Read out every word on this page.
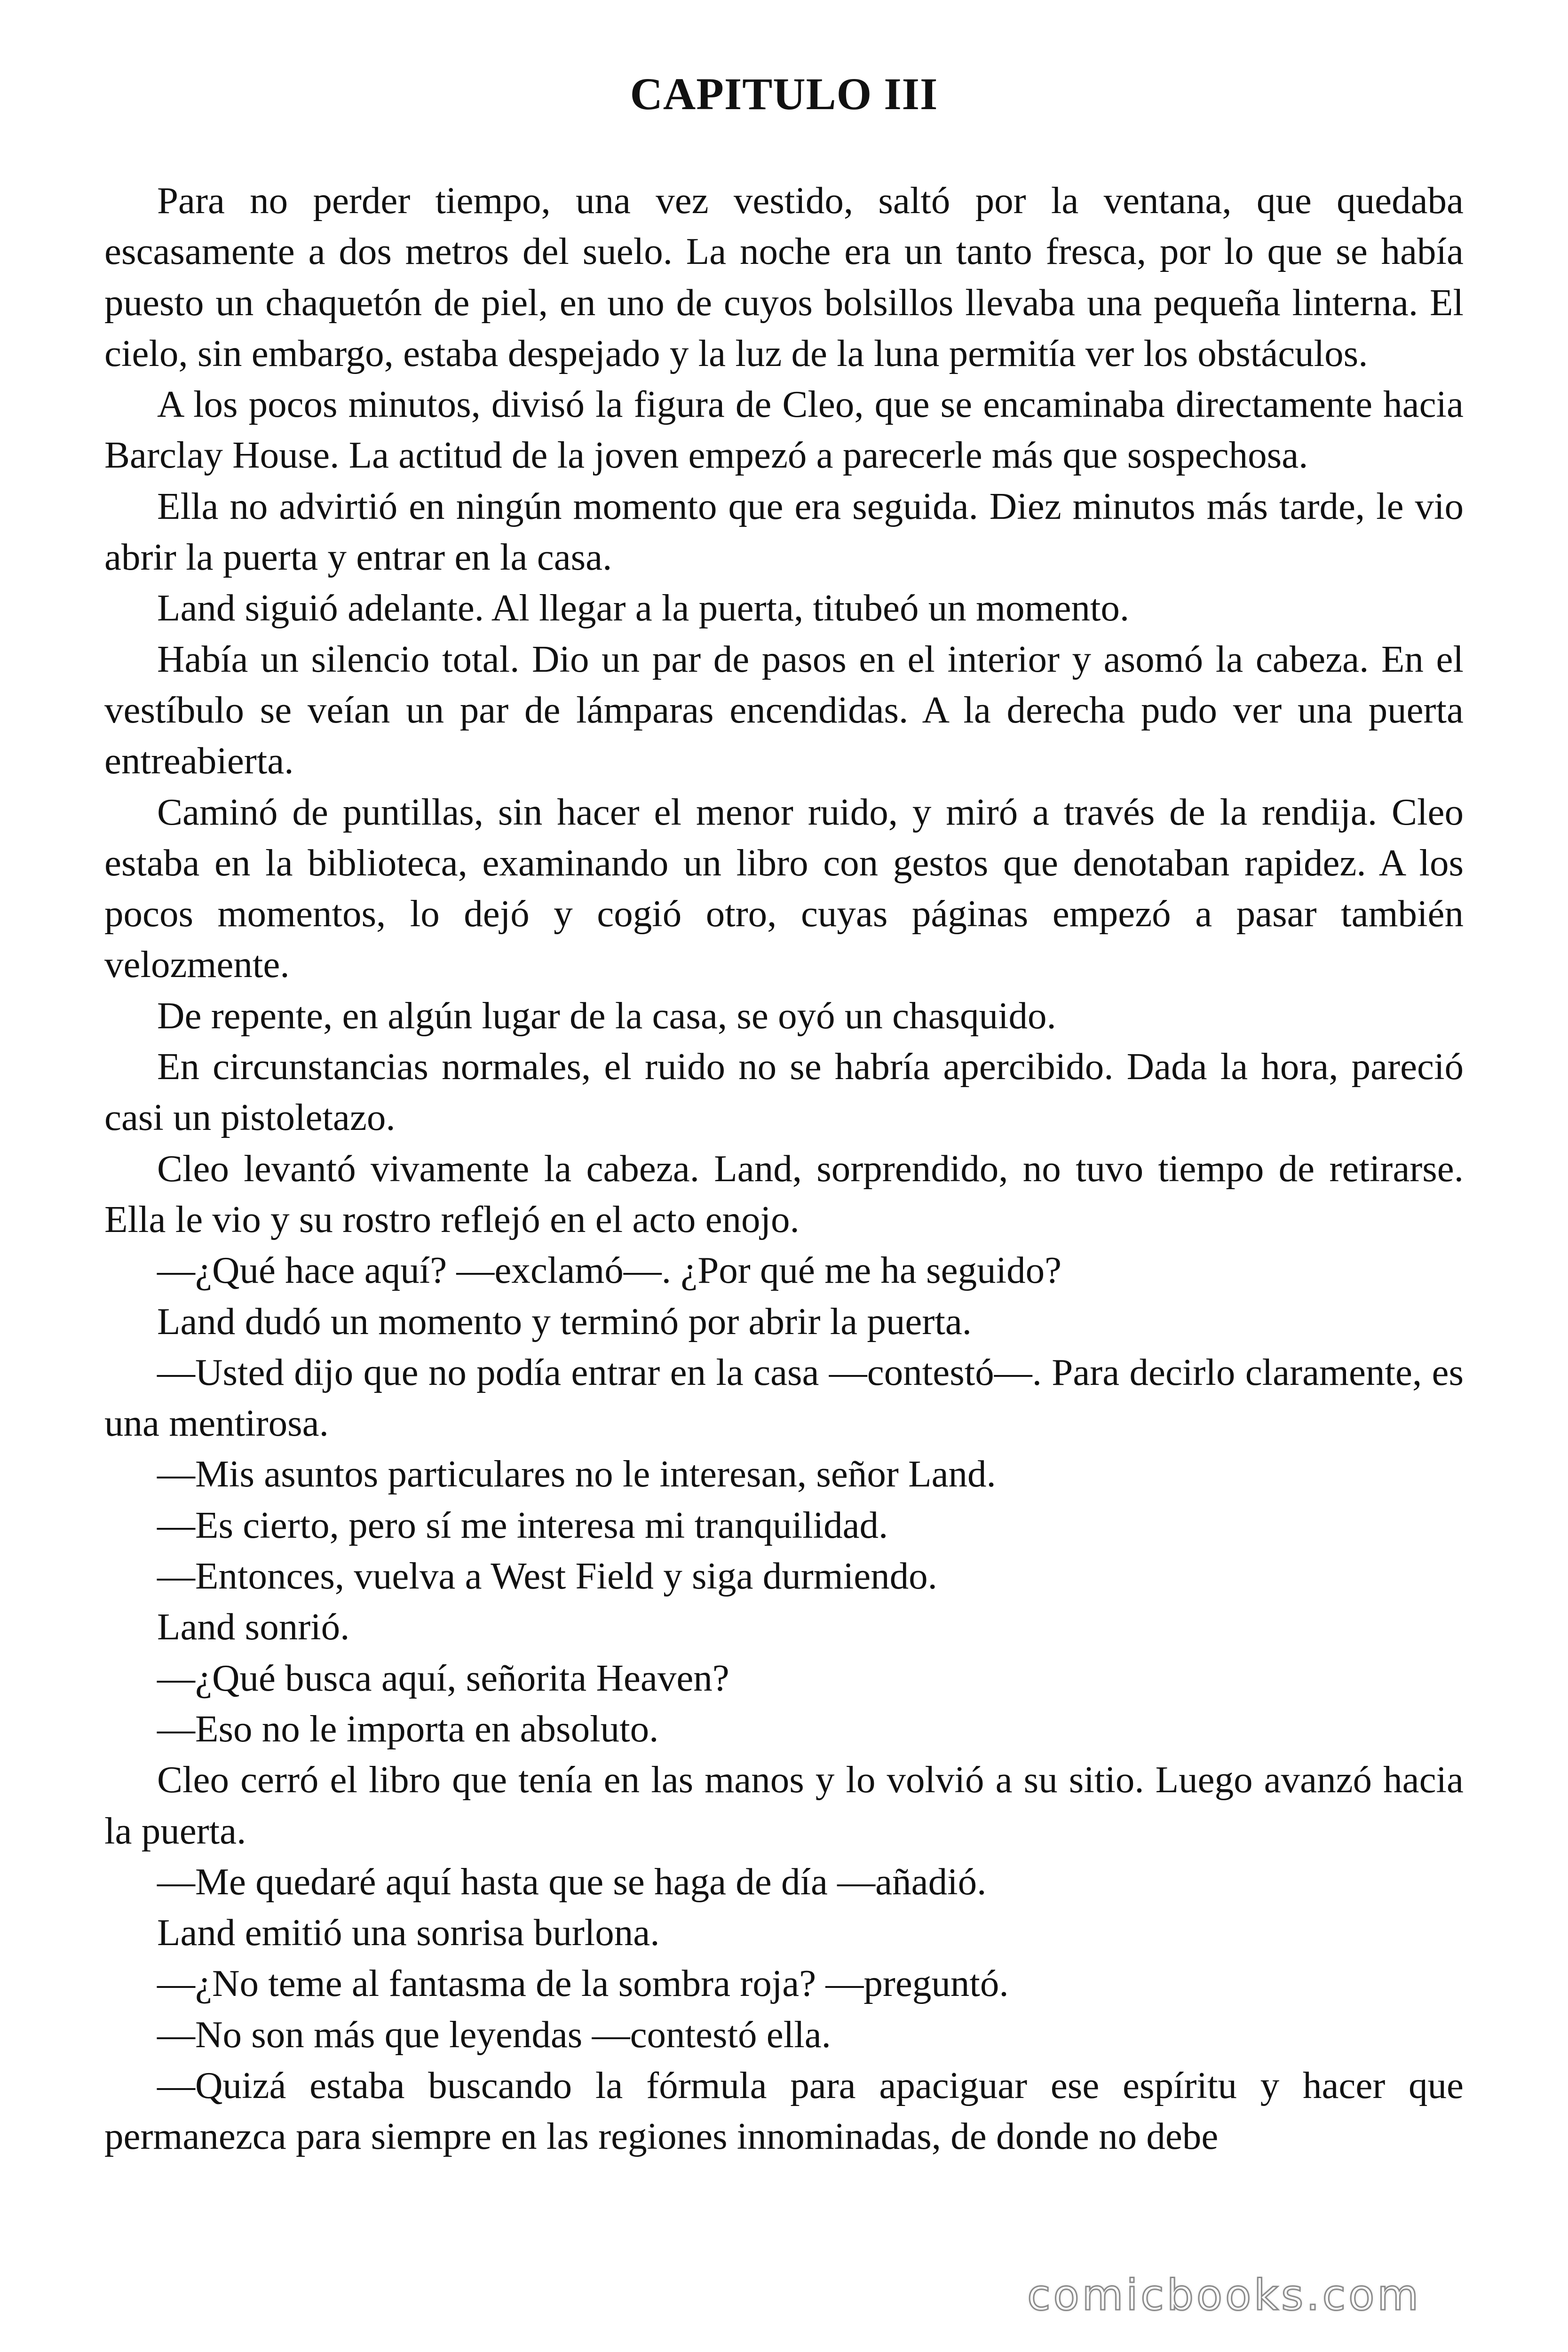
CAPITULO III

Para no perder tiempo, una vez vestido, saltó por la ventana, que quedaba escasamente a dos metros del suelo. La noche era un tanto fresca, por lo que se había puesto un chaquetón de piel, en uno de cuyos bolsillos llevaba una pequeña linterna. El cielo, sin embargo, estaba despejado y la luz de la luna permitía ver los obstáculos.

A los pocos minutos, divisó la figura de Cleo, que se encaminaba directamente hacia Barclay House. La actitud de la joven empezó a parecerle más que sospechosa.

Ella no advirtió en ningún momento que era seguida. Diez minutos más tarde, le vio abrir la puerta y entrar en la casa.

Land siguió adelante. Al llegar a la puerta, titubeó un momento.

Había un silencio total. Dio un par de pasos en el interior y asomó la cabeza. En el vestíbulo se veían un par de lámparas encendidas. A la derecha pudo ver una puerta entreabierta.

Caminó de puntillas, sin hacer el menor ruido, y miró a través de la rendija. Cleo estaba en la biblioteca, examinando un libro con gestos que denotaban rapidez. A los pocos momentos, lo dejó y cogió otro, cuyas páginas empezó a pasar también velozmente.

De repente, en algún lugar de la casa, se oyó un chasquido.

En circunstancias normales, el ruido no se habría apercibido. Dada la hora, pareció casi un pistoletazo.

Cleo levantó vivamente la cabeza. Land, sorprendido, no tuvo tiempo de retirarse. Ella le vio y su rostro reflejó en el acto enojo.

—¿Qué hace aquí? —exclamó—. ¿Por qué me ha seguido?

Land dudó un momento y terminó por abrir la puerta.

—Usted dijo que no podía entrar en la casa —contestó—. Para decirlo claramente, es una mentirosa.

—Mis asuntos particulares no le interesan, señor Land.

—Es cierto, pero sí me interesa mi tranquilidad.

—Entonces, vuelva a West Field y siga durmiendo.

Land sonrió.

—¿Qué busca aquí, señorita Heaven?

—Eso no le importa en absoluto.

Cleo cerró el libro que tenía en las manos y lo volvió a su sitio. Luego avanzó hacia la puerta.

—Me quedaré aquí hasta que se haga de día —añadió.

Land emitió una sonrisa burlona.

—¿No teme al fantasma de la sombra roja? —preguntó.

—No son más que leyendas —contestó ella.

—Quizá estaba buscando la fórmula para apaciguar ese espíritu y hacer que permanezca para siempre en las regiones innominadas, de donde no debe

comicbooks.com
